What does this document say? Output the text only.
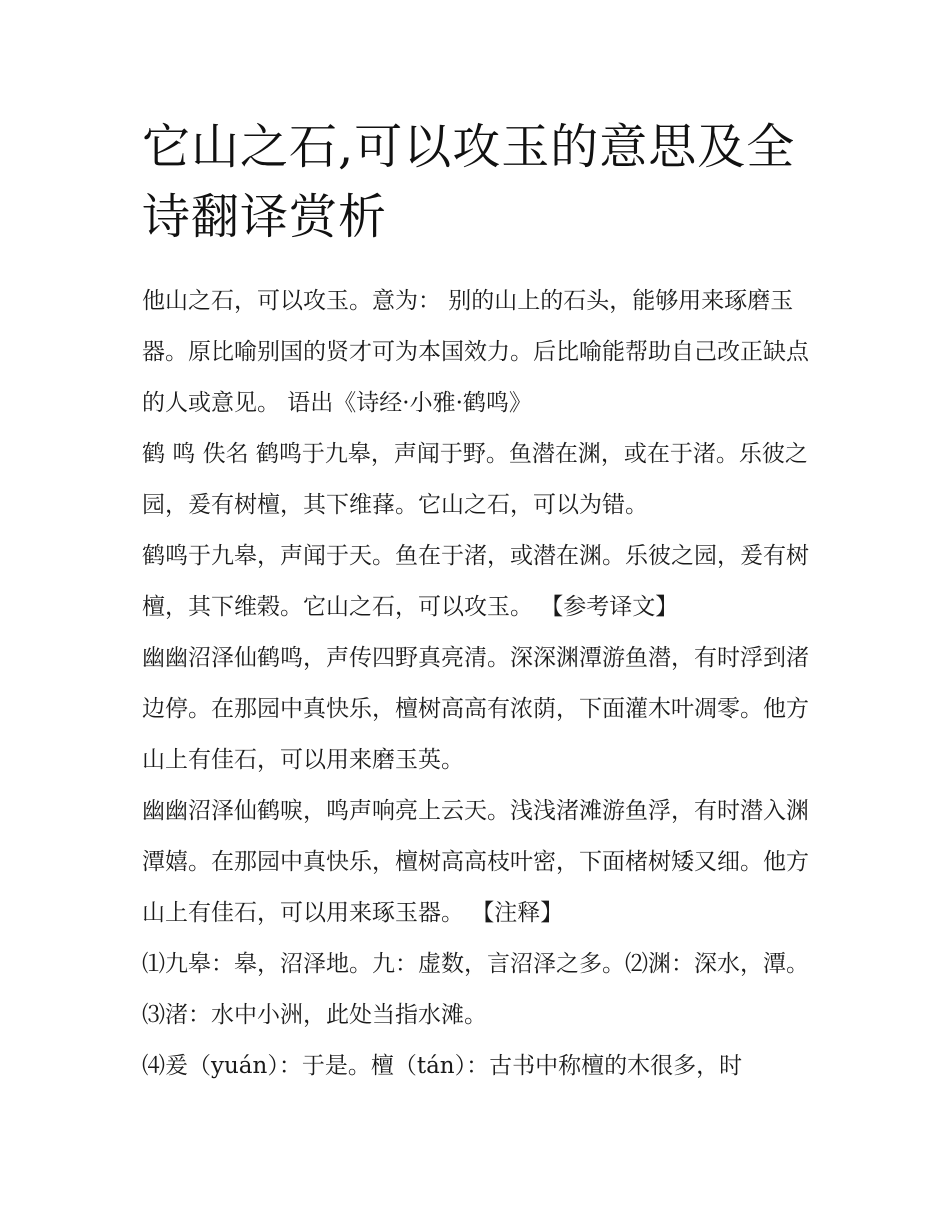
它山之石,可以攻玉的意思及全诗翻译赏析

他山之石，可以攻玉。意为： 别的山上的石头，能够用来琢磨玉器。原比喻别国的贤才可为本国效力。后比喻能帮助自己改正缺点的人或意见。 语出《诗经·小雅·鹤鸣》

鹤 鸣 佚名 鹤鸣于九皋，声闻于野。鱼潜在渊，或在于渚。乐彼之园，爰有树檀，其下维萚。它山之石，可以为错。

鹤鸣于九皋，声闻于天。鱼在于渚，或潜在渊。乐彼之园，爰有树檀，其下维榖。它山之石，可以攻玉。 【参考译文】

幽幽沼泽仙鹤鸣，声传四野真亮清。深深渊潭游鱼潜，有时浮到渚边停。在那园中真快乐，檀树高高有浓荫，下面灌木叶凋零。他方山上有佳石，可以用来磨玉英。

幽幽沼泽仙鹤唳，鸣声响亮上云天。浅浅渚滩游鱼浮，有时潜入渊潭嬉。在那园中真快乐，檀树高高枝叶密，下面楮树矮又细。他方山上有佳石，可以用来琢玉器。 【注释】

⑴九皋：皋，沼泽地。九：虚数，言沼泽之多。⑵渊：深水，潭。⑶渚：水中小洲，此处当指水滩。

⑷爰（yuán）：于是。檀（tán）：古书中称檀的木很多，时
